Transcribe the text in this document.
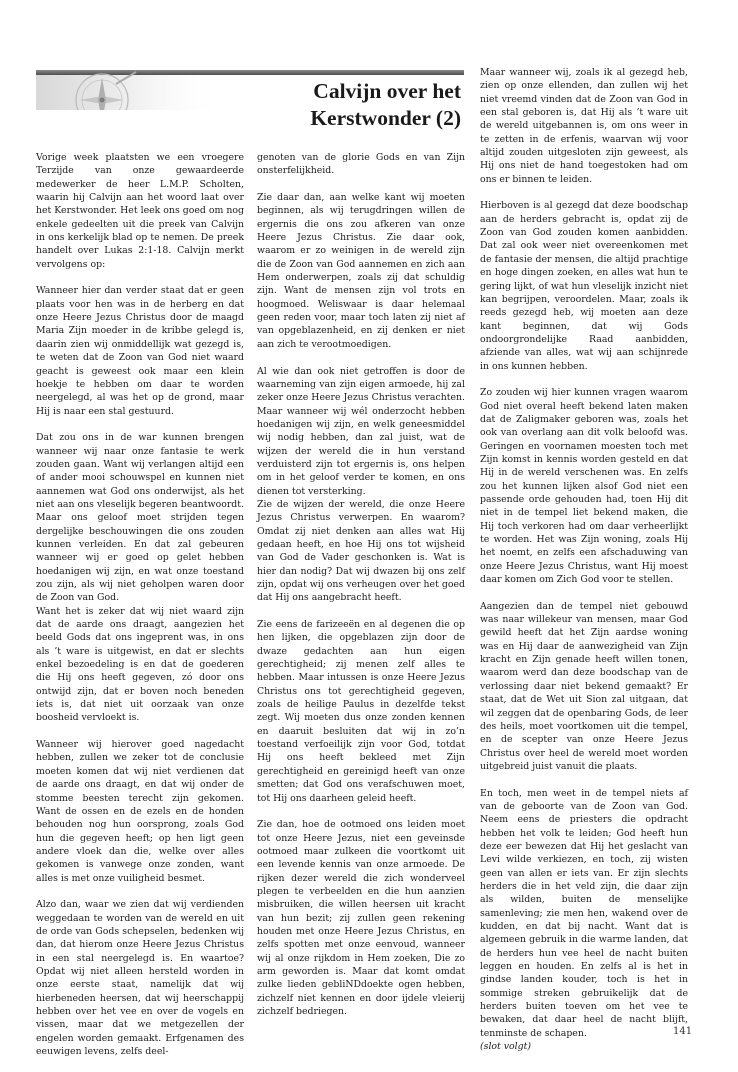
Calvijn over het
Kerstwonder (2)

Vorige week plaatsten we een vroegere Terzijde van onze gewaardeerde medewerker de heer L.M.P. Scholten, waarin hij Calvijn aan het woord laat over het Kerstwonder. Het leek ons goed om nog enkele gedeelten uit die preek van Calvijn in ons kerkelijk blad op te nemen. De preek handelt over Lukas 2:1-18. Calvijn merkt vervolgens op:

Wanneer hier dan verder staat dat er geen plaats voor hen was in de herberg en dat onze Heere Jezus Christus door de maagd Maria Zijn moeder in de kribbe gelegd is, daarin zien wij onmiddellijk wat gezegd is, te weten dat de Zoon van God niet waard geacht is geweest ook maar een klein hoekje te hebben om daar te worden neergelegd, al was het op de grond, maar Hij is naar een stal gestuurd.

Dat zou ons in de war kunnen brengen wanneer wij naar onze fantasie te werk zouden gaan. Want wij verlangen altijd een of ander mooi schouwspel en kunnen niet aannemen wat God ons onderwijst, als het niet aan ons vleselijk begeren beantwoordt. Maar ons geloof moet strijden tegen dergelijke beschouwingen die ons zouden kunnen verleiden. En dat zal gebeuren wanneer wij er goed op gelet hebben hoedanigen wij zijn, en wat onze toestand zou zijn, als wij niet geholpen waren door de Zoon van God.

Want het is zeker dat wij niet waard zijn dat de aarde ons draagt, aangezien het beeld Gods dat ons ingeprent was, in ons als ’t ware is uitgewist, en dat er slechts enkel bezoedeling is en dat de goederen die Hij ons heeft gegeven, zó door ons ontwijd zijn, dat er boven noch beneden iets is, dat niet uit oorzaak van onze boosheid vervloekt is.

Wanneer wij hierover goed nagedacht hebben, zullen we zeker tot de conclusie moeten komen dat wij niet verdienen dat de aarde ons draagt, en dat wij onder de stomme beesten terecht zijn gekomen. Want de ossen en de ezels en de honden behouden nog hun oorsprong, zoals God hun die gegeven heeft; op hen ligt geen andere vloek dan die, welke over alles gekomen is vanwege onze zonden, want alles is met onze vuiligheid besmet.

Alzo dan, waar we zien dat wij verdienden weggedaan te worden van de wereld en uit de orde van Gods schepselen, bedenken wij dan, dat hierom onze Heere Jezus Christus in een stal neergelegd is. En waartoe? Opdat wij niet alleen hersteld worden in onze eerste staat, namelijk dat wij hierbeneden heersen, dat wij heerschappij hebben over het vee en over de vogels en vissen, maar dat we metgezellen der engelen worden gemaakt. Erfgenamen des eeuwigen levens, zelfs deel-

genoten van de glorie Gods en van Zijn onsterfelijkheid.

Zie daar dan, aan welke kant wij moeten beginnen, als wij terugdringen willen de ergernis die ons zou afkeren van onze Heere Jezus Christus. Zie daar ook, waarom er zo weinigen in de wereld zijn die de Zoon van God aannemen en zich aan Hem onderwerpen, zoals zij dat schuldig zijn. Want de mensen zijn vol trots en hoogmoed. Weliswaar is daar helemaal geen reden voor, maar toch laten zij niet af van opgeblazenheid, en zij denken er niet aan zich te verootmoedigen.

Al wie dan ook niet getroffen is door de waarneming van zijn eigen armoede, hij zal zeker onze Heere Jezus Christus verachten. Maar wanneer wij wél onderzocht hebben hoedanigen wij zijn, en welk geneesmiddel wij nodig hebben, dan zal juist, wat de wijzen der wereld die in hun verstand verduisterd zijn tot ergernis is, ons helpen om in het geloof verder te komen, en ons dienen tot versterking.

Zie de wijzen der wereld, die onze Heere Jezus Christus verwerpen. En waarom? Omdat zij niet denken aan alles wat Hij gedaan heeft, en hoe Hij ons tot wijsheid van God de Vader geschonken is. Wat is hier dan nodig? Dat wij dwazen bij ons zelf zijn, opdat wij ons verheugen over het goed dat Hij ons aangebracht heeft.

Zie eens de farizeeën en al degenen die op hen lijken, die opgeblazen zijn door de dwaze gedachten aan hun eigen gerechtigheid; zij menen zelf alles te hebben. Maar intussen is onze Heere Jezus Christus ons tot gerechtigheid gegeven, zoals de heilige Paulus in dezelfde tekst zegt. Wij moeten dus onze zonden kennen en daaruit besluiten dat wij in zo’n toestand verfoeilijk zijn voor God, totdat Hij ons heeft bekleed met Zijn gerechtigheid en gereinigd heeft van onze smetten; dat God ons verafschuwen moet, tot Hij ons daarheen geleid heeft.

Zie dan, hoe de ootmoed ons leiden moet tot onze Heere Jezus, niet een geveinsde ootmoed maar zulkeen die voortkomt uit een levende kennis van onze armoede. De rijken dezer wereld die zich wonderveel plegen te verbeelden en die hun aanzien misbruiken, die willen heersen uit kracht van hun bezit; zij zullen geen rekening houden met onze Heere Jezus Christus, en zelfs spotten met onze eenvoud, wanneer wij al onze rijkdom in Hem zoeken, Die zo arm geworden is. Maar dat komt omdat zulke lieden gebliNDdoekte ogen hebben, zichzelf niet kennen en door ijdele vleierij zichzelf bedriegen.

Maar wanneer wij, zoals ik al gezegd heb, zien op onze ellenden, dan zullen wij het niet vreemd vinden dat de Zoon van God in een stal geboren is, dat Hij als ’t ware uit de wereld uitgebannen is, om ons weer in te zetten in de erfenis, waarvan wij voor altijd zouden uitgesloten zijn geweest, als Hij ons niet de hand toegestoken had om ons er binnen te leiden.

Hierboven is al gezegd dat deze boodschap aan de herders gebracht is, opdat zij de Zoon van God zouden komen aanbidden. Dat zal ook weer niet overeenkomen met de fantasie der mensen, die altijd prachtige en hoge dingen zoeken, en alles wat hun te gering lijkt, of wat hun vleselijk inzicht niet kan begrijpen, veroordelen. Maar, zoals ik reeds gezegd heb, wij moeten aan deze kant beginnen, dat wij Gods ondoorgrondelijke Raad aanbidden, afziende van alles, wat wij aan schijnrede in ons kunnen hebben.

Zo zouden wij hier kunnen vragen waarom God niet overal heeft bekend laten maken dat de Zaligmaker geboren was, zoals het ook van overlang aan dit volk beloofd was. Geringen en voornamen moesten toch met Zijn komst in kennis worden gesteld en dat Hij in de wereld verschenen was. En zelfs zou het kunnen lijken alsof God niet een passende orde gehouden had, toen Hij dit niet in de tempel liet bekend maken, die Hij toch verkoren had om daar verheerlijkt te worden. Het was Zijn woning, zoals Hij het noemt, en zelfs een afschaduwing van onze Heere Jezus Christus, want Hij moest daar komen om Zich God voor te stellen.

Aangezien dan de tempel niet gebouwd was naar willekeur van mensen, maar God gewild heeft dat het Zijn aardse woning was en Hij daar de aanwezigheid van Zijn kracht en Zijn genade heeft willen tonen, waarom werd dan deze boodschap van de verlossing daar niet bekend gemaakt? Er staat, dat de Wet uit Sion zal uitgaan, dat wil zeggen dat de openbaring Gods, de leer des heils, moet voortkomen uit die tempel, en de scepter van onze Heere Jezus Christus over heel de wereld moet worden uitgebreid juist vanuit die plaats.

En toch, men weet in de tempel niets af van de geboorte van de Zoon van God. Neem eens de priesters die opdracht hebben het volk te leiden; God heeft hun deze eer bewezen dat Hij het geslacht van Levi wilde verkiezen, en toch, zij wisten geen van allen er iets van. Er zijn slechts herders die in het veld zijn, die daar zijn als wilden, buiten de menselijke samenleving; zie men hen, wakend over de kudden, en dat bij nacht. Want dat is algemeen gebruik in die warme landen, dat de herders hun vee heel de nacht buiten leggen en houden. En zelfs al is het in gindse landen kouder, toch is het in sommige streken gebruikelijk dat de herders buiten toeven om het vee te bewaken, dat daar heel de nacht blijft, tenminste de schapen.

(slot volgt)

141
